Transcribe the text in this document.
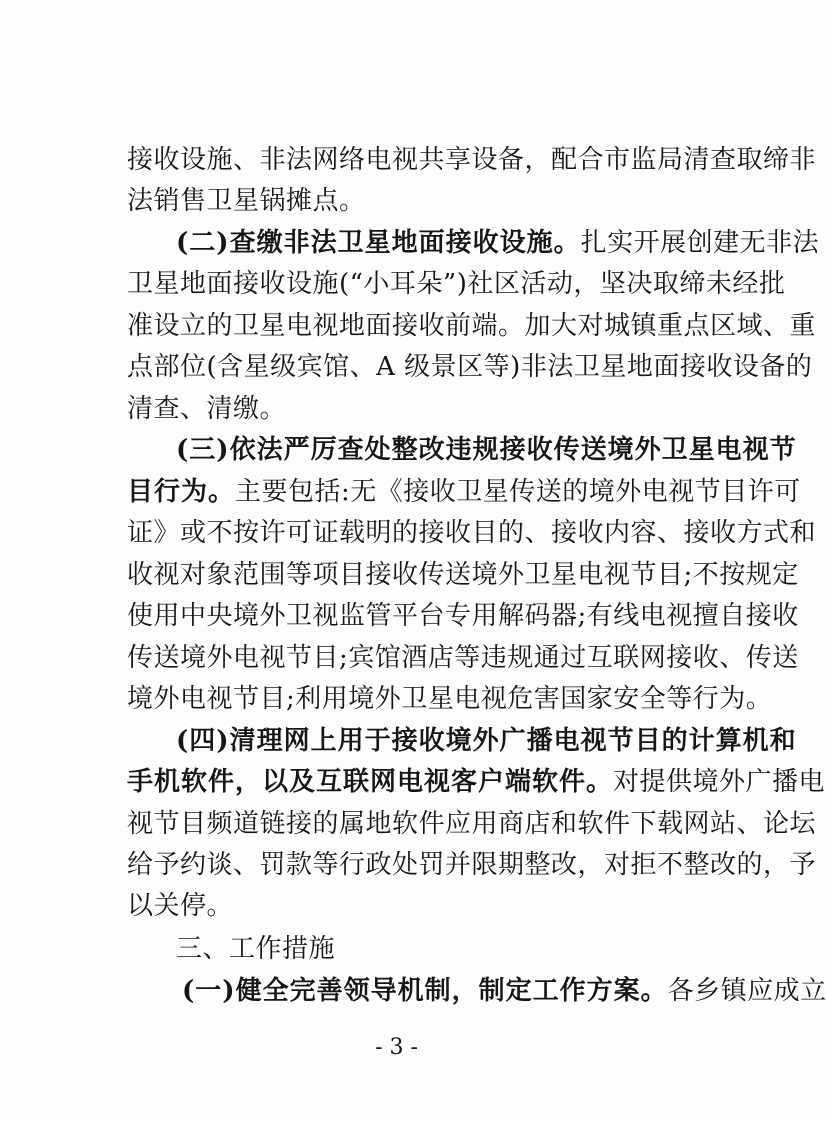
接收设施、非法网络电视共享设备，配合市监局清查取缔非
法销售卫星锅摊点。
(二)查缴非法卫星地面接收设施。扎实开展创建无非法
卫星地面接收设施(“小耳朵”)社区活动，坚决取缔未经批
准设立的卫星电视地面接收前端。加大对城镇重点区域、重
点部位(含星级宾馆、A 级景区等)非法卫星地面接收设备的
清查、清缴。
(三)依法严厉查处整改违规接收传送境外卫星电视节
目行为。主要包括:无《接收卫星传送的境外电视节目许可
证》或不按许可证载明的接收目的、接收内容、接收方式和
收视对象范围等项目接收传送境外卫星电视节目;不按规定
使用中央境外卫视监管平台专用解码器;有线电视擅自接收
传送境外电视节目;宾馆酒店等违规通过互联网接收、传送
境外电视节目;利用境外卫星电视危害国家安全等行为。
(四)清理网上用于接收境外广播电视节目的计算机和
手机软件，以及互联网电视客户端软件。对提供境外广播电
视节目频道链接的属地软件应用商店和软件下载网站、论坛
给予约谈、罚款等行政处罚并限期整改，对拒不整改的，予
以关停。
三、工作措施
(一)健全完善领导机制，制定工作方案。各乡镇应成立
- 3 -
